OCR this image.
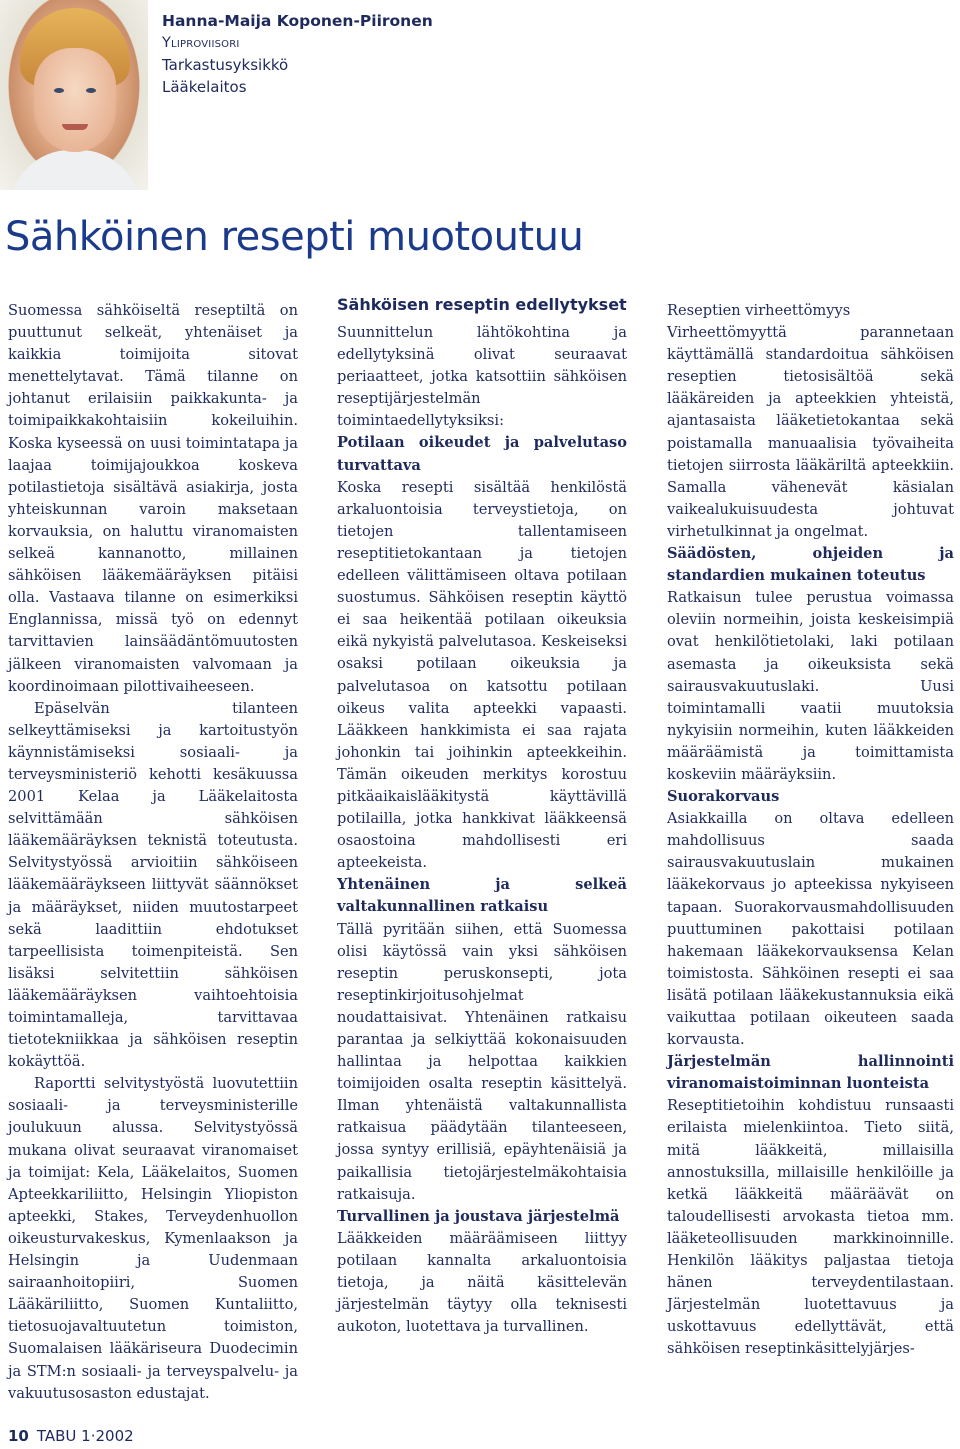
Hanna-Maija Koponen-Piironen
Yliproviisori
Tarkastusyksikkö
Lääkelaitos
Sähköinen resepti muotoutuu

Suomessa sähköiseltä reseptiltä on puuttunut selkeät, yhtenäiset ja kaikkia toimijoita sitovat menettelytavat. Tämä tilanne on johtanut erilaisiin paikkakunta- ja toimipaikkakohtaisiin kokeiluihin. Koska kyseessä on uusi toimintatapa ja laajaa toimijajoukkoa koskeva potilastietoja sisältävä asiakirja, josta yhteiskunnan varoin maksetaan korvauksia, on haluttu viranomaisten selkeä kannanotto, millainen sähköisen lääkemääräyksen pitäisi olla. Vastaava tilanne on esimerkiksi Englannissa, missä työ on edennyt tarvittavien lainsäädäntömuutosten jälkeen viranomaisten valvomaan ja koordinoimaan pilottivaiheeseen.

Epäselvän tilanteen selkeyttämiseksi ja kartoitustyön käynnistämiseksi sosiaali- ja terveysministeriö kehotti kesäkuussa 2001 Kelaa ja Lääkelaitosta selvittämään sähköisen lääkemääräyksen teknistä toteutusta. Selvitystyössä arvioitiin sähköiseen lääkemääräykseen liittyvät säännökset ja määräykset, niiden muutostarpeet sekä laadittiin ehdotukset tarpeellisista toimenpiteistä. Sen lisäksi selvitettiin sähköisen lääkemääräyksen vaihtoehtoisia toimintamalleja, tarvittavaa tietotekniikkaa ja sähköisen reseptin kokäyttöä.

Raportti selvitystyöstä luovutettiin sosiaali- ja terveysministerille joulukuun alussa. Selvitystyössä mukana olivat seuraavat viranomaiset ja toimijat: Kela, Lääkelaitos, Suomen Apteekkariliitto, Helsingin Yliopiston apteekki, Stakes, Terveydenhuollon oikeusturvakeskus, Kymenlaakson ja Helsingin ja Uudenmaan sairaanhoitopiiri, Suomen Lääkäriliitto, Suomen Kuntaliitto, tietosuojavaltuutetun toimiston, Suomalaisen lääkäriseura Duodecimin ja STM:n sosiaali- ja terveyspalvelu- ja vakuutusosaston edustajat.

Sähköisen reseptin edellytykset

Suunnittelun lähtökohtina ja edellytyksinä olivat seuraavat periaatteet, jotka katsottiin sähköisen reseptijärjestelmän toimintaedellytyksiksi:

Potilaan oikeudet ja palvelutaso turvattava

Koska resepti sisältää henkilöstä arkaluontoisia terveystietoja, on tietojen tallentamiseen reseptitietokantaan ja tietojen edelleen välittämiseen oltava potilaan suostumus. Sähköisen reseptin käyttö ei saa heikentää potilaan oikeuksia eikä nykyistä palvelutasoa. Keskeiseksi osaksi potilaan oikeuksia ja palvelutasoa on katsottu potilaan oikeus valita apteekki vapaasti. Lääkkeen hankkimista ei saa rajata johonkin tai joihinkin apteekkeihin. Tämän oikeuden merkitys korostuu pitkäaikaislääkitystä käyttävillä potilailla, jotka hankkivat lääkkeensä osaostoina mahdollisesti eri apteekeista.

Yhtenäinen ja selkeä valtakunnallinen ratkaisu

Tällä pyritään siihen, että Suomessa olisi käytössä vain yksi sähköisen reseptin peruskonsepti, jota reseptinkirjoitusohjelmat noudattaisivat. Yhtenäinen ratkaisu parantaa ja selkiyttää kokonaisuuden hallintaa ja helpottaa kaikkien toimijoiden osalta reseptin käsittelyä. Ilman yhtenäistä valtakunnallista ratkaisua päädytään tilanteeseen, jossa syntyy erillisiä, epäyhtenäisiä ja paikallisia tietojärjestelmäkohtaisia ratkaisuja.

Turvallinen ja joustava järjestelmä

Lääkkeiden määräämiseen liittyy potilaan kannalta arkaluontoisia tietoja, ja näitä käsittelevän järjestelmän täytyy olla teknisesti aukoton, luotettava ja turvallinen.

Reseptien virheettömyys

Virheettömyyttä parannetaan käyttämällä standardoitua sähköisen reseptien tietosisältöä sekä lääkäreiden ja apteekkien yhteistä, ajantasaista lääketietokantaa sekä poistamalla manuaalisia työvaiheita tietojen siirrosta lääkäriltä apteekkiin. Samalla vähenevät käsialan vaikealukuisuudesta johtuvat virhetulkinnat ja ongelmat.

Säädösten, ohjeiden ja standardien mukainen toteutus

Ratkaisun tulee perustua voimassa oleviin normeihin, joista keskeisimpiä ovat henkilötietolaki, laki potilaan asemasta ja oikeuksista sekä sairausvakuutuslaki. Uusi toimintamalli vaatii muutoksia nykyisiin normeihin, kuten lääkkeiden määräämistä ja toimittamista koskeviin määräyksiin.

Suorakorvaus

Asiakkailla on oltava edelleen mahdollisuus saada sairausvakuutuslain mukainen lääkekorvaus jo apteekissa nykyiseen tapaan. Suorakorvausmahdollisuuden puuttuminen pakottaisi potilaan hakemaan lääkekorvauksensa Kelan toimistosta. Sähköinen resepti ei saa lisätä potilaan lääkekustannuksia eikä vaikuttaa potilaan oikeuteen saada korvausta.

Järjestelmän hallinnointi viranomaistoiminnan luonteista

Reseptitietoihin kohdistuu runsaasti erilaista mielenkiintoa. Tieto siitä, mitä lääkkeitä, millaisilla annostuksilla, millaisille henkilöille ja ketkä lääkkeitä määräävät on taloudellisesti arvokasta tietoa mm. lääketeollisuuden markkinoinnille. Henkilön lääkitys paljastaa tietoja hänen terveydentilastaan. Järjestelmän luotettavuus ja uskottavuus edellyttävät, että sähköisen reseptinkäsittelyjärjes-

10 TABU 1·2002
